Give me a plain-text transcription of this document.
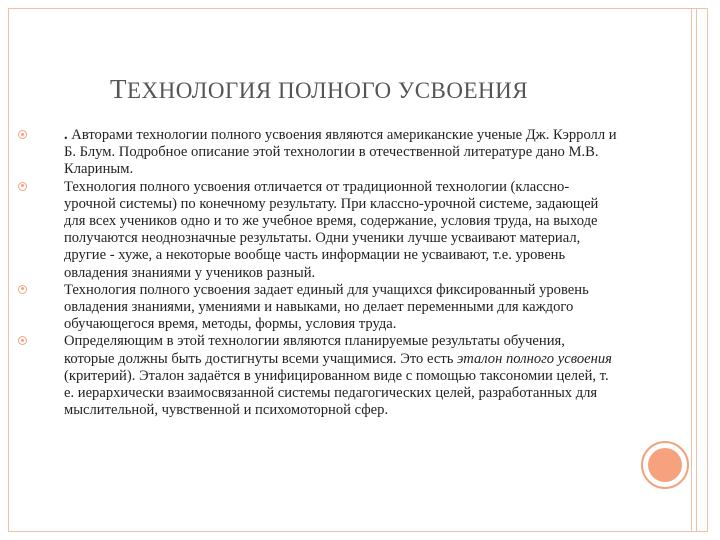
ТЕХНОЛОГИЯ ПОЛНОГО УСВОЕНИЯ
. Авторами технологии полного усвоения являются американские ученые Дж. Кэрролл и Б. Блум. Подробное описание этой технологии в отечественной литературе дано М.В. Клариным.
Технология полного усвоения отличается от традиционной технологии (классно-урочной системы) по конечному результату. При классно-урочной системе, задающей для всех учеников одно и то же учебное время, содержание, условия труда, на выходе получаются неоднозначные результаты. Одни ученики лучше усваивают материал, другие - хуже, а некоторые вообще часть информации не усваивают, т.е. уровень овладения знаниями у учеников разный.
Технология полного усвоения задает единый для учащихся фиксированный уровень овладения знаниями, умениями и навыками, но делает переменными для каждого обучающегося время, методы, формы, условия труда.
Определяющим в этой технологии являются планируемые результаты обучения, которые должны быть достигнуты всеми учащимися. Это есть эталон полного усвоения (критерий). Эталон задаётся в унифицированном виде с помощью таксономии целей, т. е. иерархически взаимосвязанной системы педагогических целей, разработанных для мыслительной, чувственной и психомоторной сфер.
